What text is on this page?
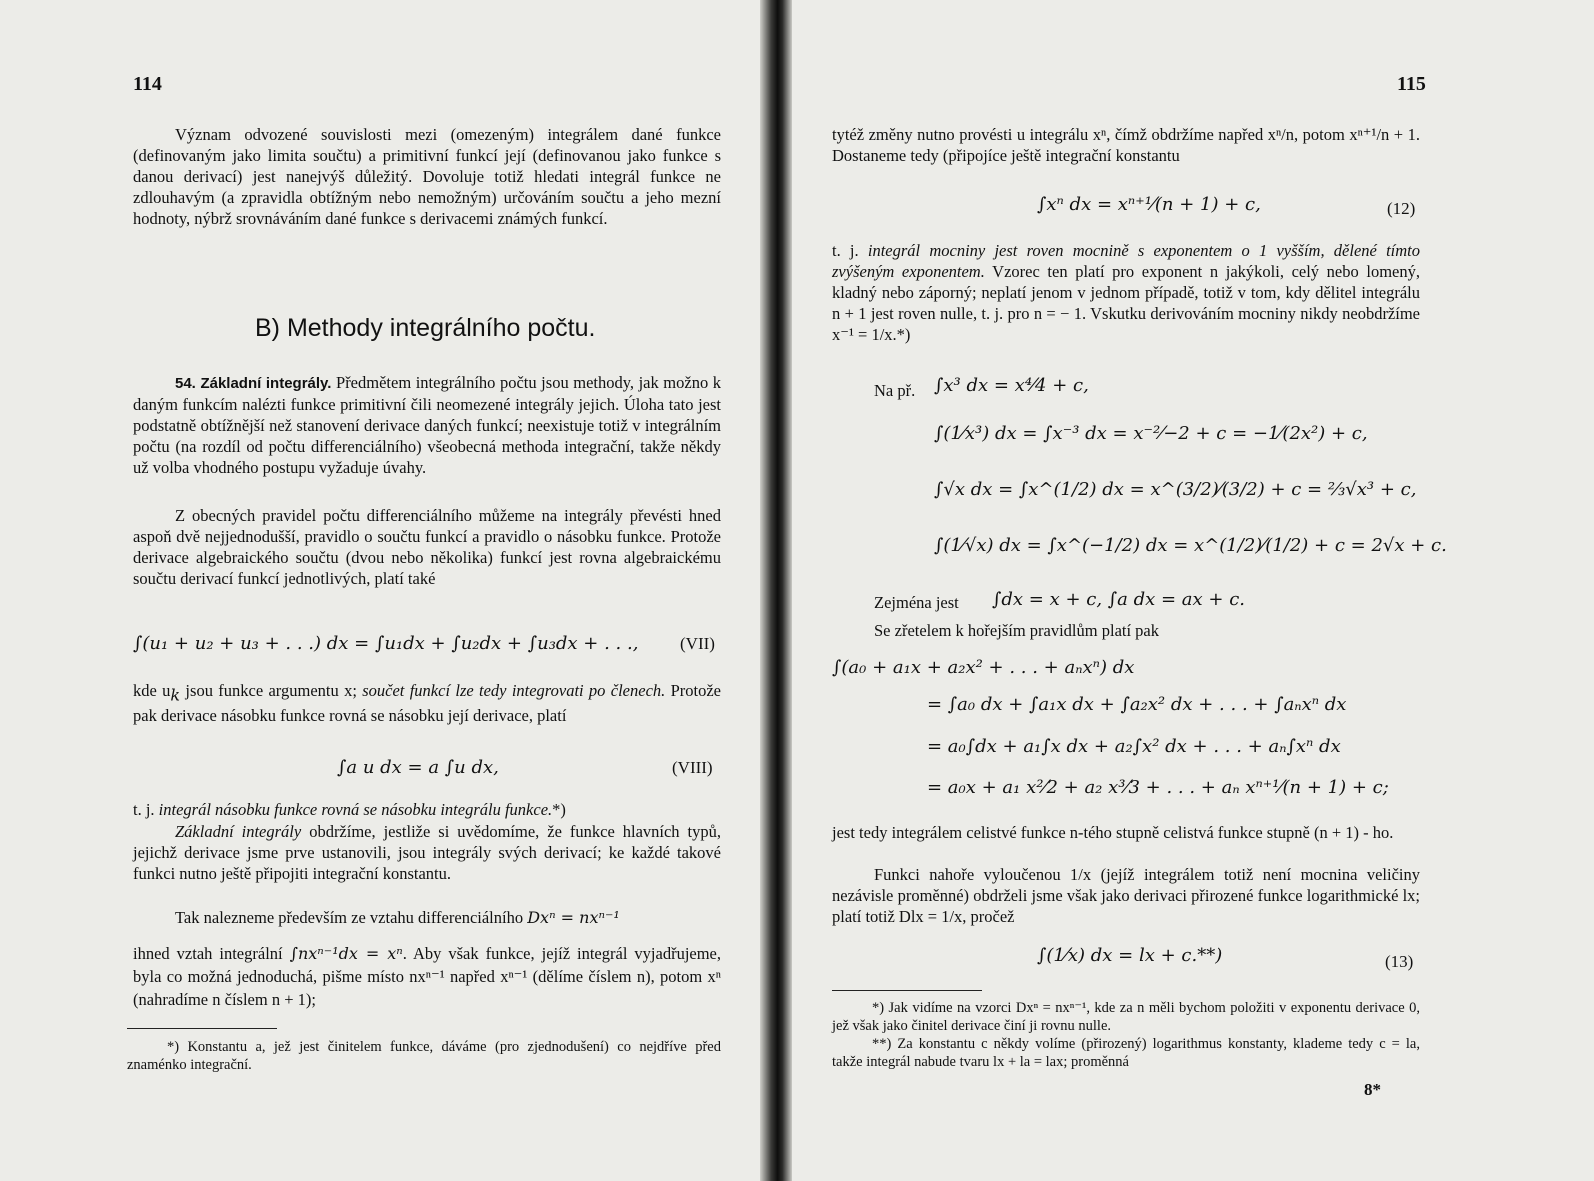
114
Význam odvozené souvislosti mezi (omezeným) integrálem dané funkce (definovaným jako limita součtu) a primitivní funkcí její (definovanou jako funkce s danou derivací) jest nanejvýš důležitý. Dovoluje totiž hledati integrál funkce ne zdlouhavým (a zpravidla obtížným nebo nemožným) určováním součtu a jeho mezní hodnoty, nýbrž srovnáváním dané funkce s derivacemi známých funkcí.
B) Methody integrálního počtu.
54. Základní integrály. Předmětem integrálního počtu jsou methody, jak možno k daným funkcím nalézti funkce primitivní čili neomezené integrály jejich. Úloha tato jest podstatně obtížnější než stanovení derivace daných funkcí; neexistuje totiž v integrálním počtu (na rozdíl od počtu differenciálního) všeobecná methoda integrační, takže někdy už volba vhodného postupu vyžaduje úvahy.
Z obecných pravidel počtu differenciálního můžeme na integrály převésti hned aspoň dvě nejjednodušší, pravidlo o součtu funkcí a pravidlo o násobku funkce. Protože derivace algebraického součtu (dvou nebo několika) funkcí jest rovna algebraickému součtu derivací funkcí jednotlivých, platí také
∫(u₁ + u₂ + u₃ + . . .) dx = ∫u₁dx + ∫u₂dx + ∫u₃dx + . . ., (VII)
kde $u_k$ jsou funkce argumentu x; součet funkcí lze tedy integrovati po členech. Protože pak derivace násobku funkce rovná se násobku její derivace, platí
∫a u dx = a ∫u dx,	(VIII)
t. j. integrál násobku funkce rovná se násobku integrálu funkce.*)
Základní integrály obdržíme, jestliže si uvědomíme, že funkce hlavních typů, jejichž derivace jsme prve ustanovili, jsou integrály svých derivací; ke každé takové funkci nutno ještě připojiti integrační konstantu.
Tak nalezneme především ze vztahu differenciálního Dxⁿ = nxⁿ⁻¹
ihned vztah integrální ∫nxⁿ⁻¹dx = xⁿ. Aby však funkce, jejíž integrál vyjadřujeme, byla co možná jednoduchá, pišme místo nxⁿ⁻¹ napřed xⁿ⁻¹ (dělíme číslem n), potom xⁿ (nahradíme n číslem n + 1);
*) Konstantu a, jež jest činitelem funkce, dáváme (pro zjednodušení) co nejdříve před znaménko integrační.
115
tytéž změny nutno provésti u integrálu xⁿ, čímž obdržíme napřed xⁿ/n, potom xⁿ⁺¹/n + 1. Dostaneme tedy (připojíce ještě integrační konstantu
∫xⁿ dx = xⁿ⁺¹⁄(n + 1) + c,	(12)
t. j. integrál mocniny jest roven mocnině s exponentem o 1 vyšším, dělené tímto zvýšeným exponentem. Vzorec ten platí pro exponent n jakýkoli, celý nebo lomený, kladný nebo záporný; neplatí jenom v jednom případě, totiž v tom, kdy dělitel integrálu n + 1 jest roven nulle, t. j. pro n = − 1. Vskutku derivováním mocniny nikdy neobdržíme x⁻¹ = 1/x.*)
Na př.	∫x³ dx = x⁴⁄4 + c,
∫(1⁄x³) dx = ∫x⁻³ dx = x⁻²⁄−2 + c = −1⁄(2x²) + c,
∫√x dx = ∫x^(1/2) dx = x^(3/2)⁄(3/2) + c = ⅔√x³ + c,
∫(1⁄√x) dx = ∫x^(−1/2) dx = x^(1/2)⁄(1/2) + c = 2√x + c.
Zejména jest	∫dx = x + c, ∫a dx = ax + c.
Se zřetelem k hořejším pravidlům platí pak
∫(a₀ + a₁x + a₂x² + . . . + aₙxⁿ) dx
= ∫a₀ dx + ∫a₁x dx + ∫a₂x² dx + . . . + ∫aₙxⁿ dx
= a₀∫dx + a₁∫x dx + a₂∫x² dx + . . . + aₙ∫xⁿ dx
= a₀x + a₁ x²⁄2 + a₂ x³⁄3 + . . . + aₙ xⁿ⁺¹⁄(n + 1) + c;
jest tedy integrálem celistvé funkce n-tého stupně celistvá funkce stupně (n + 1) - ho.
Funkci nahoře vyloučenou 1/x (jejíž integrálem totiž není mocnina veličiny nezávisle proměnné) obdrželi jsme však jako derivaci přirozené funkce logarithmické lx; platí totiž Dlx = 1/x, pročež
∫(1⁄x) dx = lx + c.**)	(13)
*) Jak vidíme na vzorci Dxⁿ = nxⁿ⁻¹, kde za n měli bychom položiti v exponentu derivace 0, jež však jako činitel derivace činí ji rovnu nulle.
**) Za konstantu c někdy volíme (přirozený) logarithmus konstanty, klademe tedy c = la, takže integrál nabude tvaru lx + la = lax; proměnná
8*
